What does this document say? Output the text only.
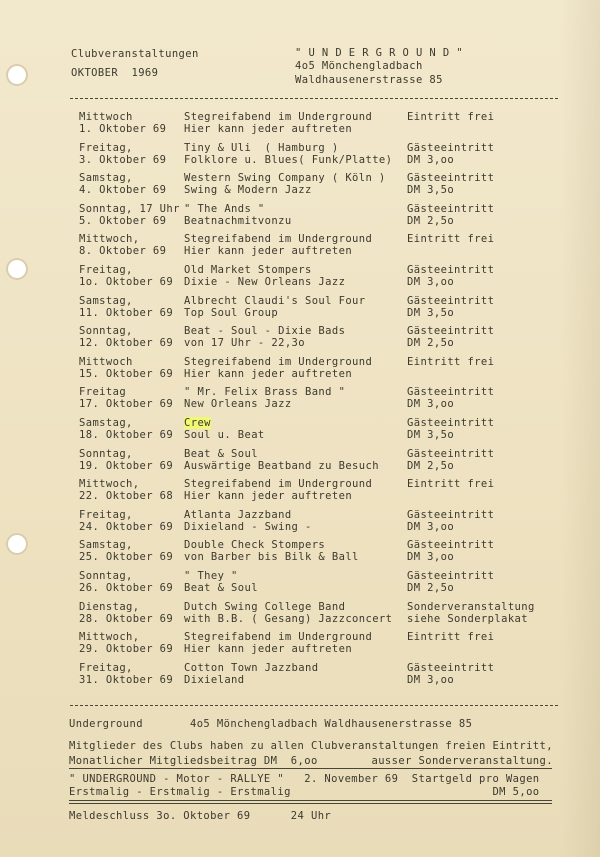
Clubveranstaltungen
OKTOBER  1969
" U N D E R G R O U N D "
4o5 Mönchengladbach
Waldhausenerstrasse 85
Mittwoch
1. Oktober 69
Stegreifabend im Underground
Hier kann jeder auftreten
Eintritt frei
Freitag,
3. Oktober 69
Tiny & Uli  ( Hamburg )
Folklore u. Blues( Funk/Platte)
Gästeeintritt
DM 3,oo
Samstag,
4. Oktober 69
Western Swing Company ( Köln )
Swing & Modern Jazz
Gästeeintritt
DM 3,5o
Sonntag, 17 Uhr
5. Oktober 69
" The Ands "
Beatnachmitvonzu
Gästeeintritt
DM 2,5o
Mittwoch,
8. Oktober 69
Stegreifabend im Underground
Hier kann jeder auftreten
Eintritt frei
Freitag,
1o. Oktober 69
Old Market Stompers
Dixie - New Orleans Jazz
Gästeeintritt
DM 3,oo
Samstag,
11. Oktober 69
Albrecht Claudi's Soul Four
Top Soul Group
Gästeeintritt
DM 3,5o
Sonntag,
12. Oktober 69
Beat - Soul - Dixie Bads
von 17 Uhr - 22,3o
Gästeeintritt
DM 2,5o
Mittwoch
15. Oktober 69
Stegreifabend im Underground
Hier kann jeder auftreten
Eintritt frei
Freitag
17. Oktober 69
" Mr. Felix Brass Band "
New Orleans Jazz
Gästeeintritt
DM 3,oo
Samstag,
18. Oktober 69
Crew
Soul u. Beat
Gästeeintritt
DM 3,5o
Sonntag,
19. Oktober 69
Beat & Soul
Auswärtige Beatband zu Besuch
Gästeeintritt
DM 2,5o
Mittwoch,
22. Oktober 68
Stegreifabend im Underground
Hier kann jeder auftreten
Eintritt frei
Freitag,
24. Oktober 69
Atlanta Jazzband
Dixieland - Swing -
Gästeeintritt
DM 3,oo
Samstag,
25. Oktober 69
Double Check Stompers
von Barber bis Bilk & Ball
Gästeeintritt
DM 3,oo
Sonntag,
26. Oktober 69
" They "
Beat & Soul
Gästeeintritt
DM 2,5o
Dienstag,
28. Oktober 69
Dutch Swing College Band
with B.B. ( Gesang) Jazzconcert
Sonderveranstaltung
siehe Sonderplakat
Mittwoch,
29. Oktober 69
Stegreifabend im Underground
Hier kann jeder auftreten
Eintritt frei
Freitag,
31. Oktober 69
Cotton Town Jazzband
Dixieland
Gästeeintritt
DM 3,oo
Underground       4o5 Mönchengladbach Waldhausenerstrasse 85
Mitglieder des Clubs haben zu allen Clubveranstaltungen freien Eintritt,
Monatlicher Mitgliedsbeitrag DM  6,oo        ausser Sonderveranstaltung.
" UNDERGROUND - Motor - RALLYE "   2. November 69  Startgeld pro Wagen
Erstmalig - Erstmalig - Erstmalig                              DM 5,oo
Meldeschluss 3o. Oktober 69      24 Uhr
